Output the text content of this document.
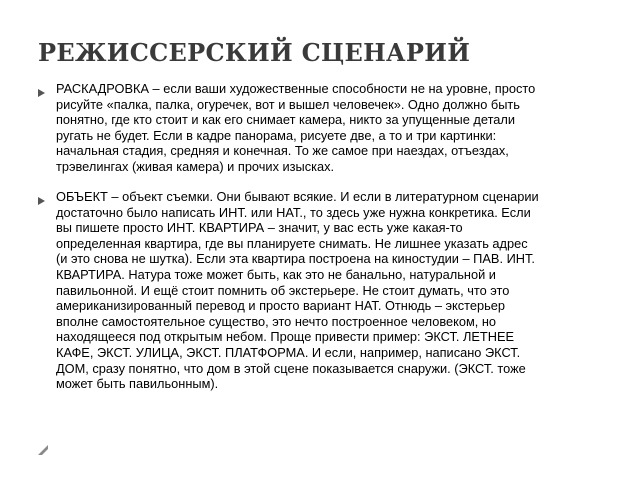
РЕЖИССЕРСКИЙ СЦЕНАРИЙ
РАСКАДРОВКА – если ваши художественные способности не на уровне, просто
рисуйте «палка, палка, огуречек, вот и вышел человечек». Одно должно быть
понятно, где кто стоит и как его снимает камера, никто за упущенные детали
ругать не будет. Если в кадре панорама, рисуете две, а то и три картинки:
начальная стадия, средняя и конечная. То же самое при наездах, отъездах,
трэвелингах (живая камера) и прочих изысках.
ОБЪЕКТ – объект съемки. Они бывают всякие. И если в литературном сценарии
достаточно было написать ИНТ. или НАТ., то здесь уже нужна конкретика. Если
вы пишете просто ИНТ. КВАРТИРА – значит, у вас есть уже какая-то
определенная квартира, где вы планируете снимать. Не лишнее указать адрес
(и это снова не шутка). Если эта квартира построена на киностудии – ПАВ. ИНТ.
КВАРТИРА. Натура тоже может быть, как это не банально, натуральной и
павильонной. И ещё стоит помнить об экстерьере. Не стоит думать, что это
американизированный перевод и просто вариант НАТ. Отнюдь – экстерьер
вполне самостоятельное существо, это нечто построенное человеком, но
находящееся под открытым небом. Проще привести пример: ЭКСТ. ЛЕТНЕЕ
КАФЕ, ЭКСТ. УЛИЦА, ЭКСТ. ПЛАТФОРМА. И если, например, написано ЭКСТ.
ДОМ, сразу понятно, что дом в этой сцене показывается снаружи. (ЭКСТ. тоже
может быть павильонным).
